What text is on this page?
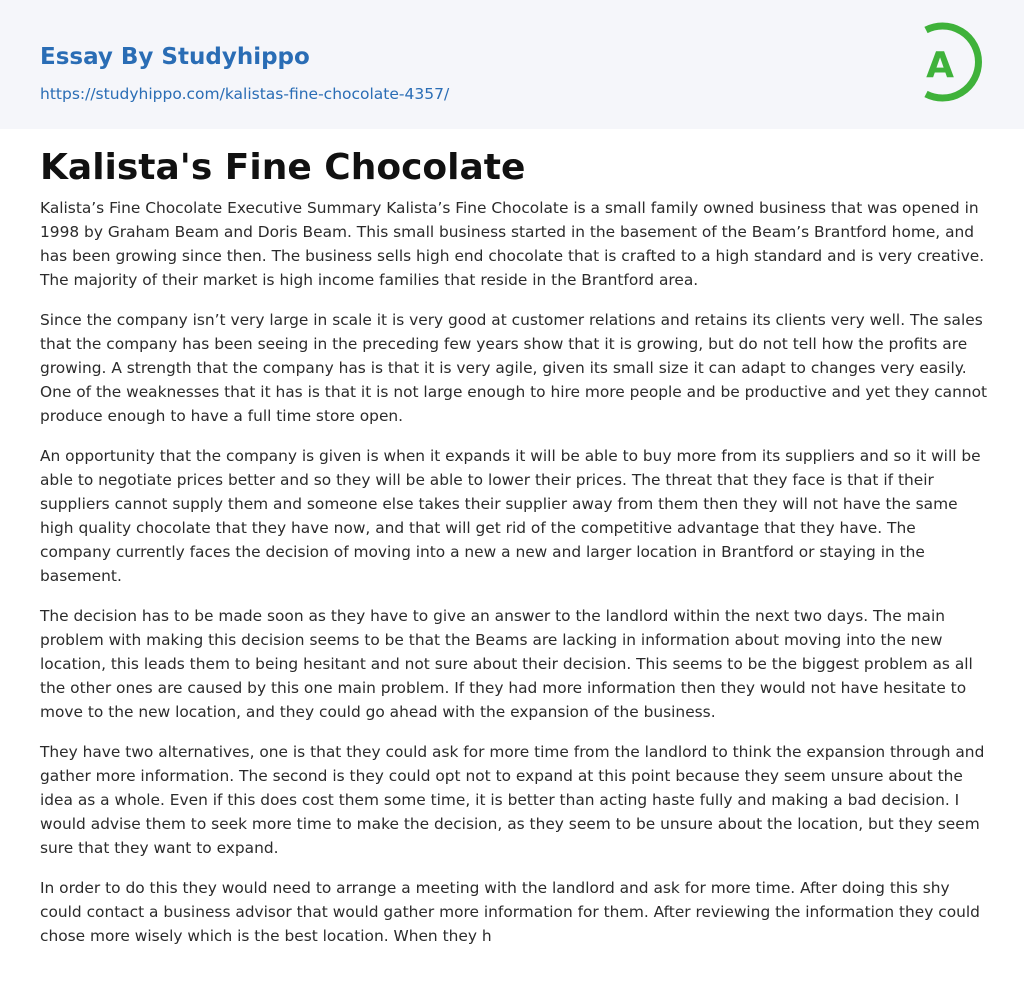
Essay By Studyhippo
https://studyhippo.com/kalistas-fine-chocolate-4357/
A
Kalista's Fine Chocolate

Kalista’s Fine Chocolate Executive Summary Kalista’s Fine Chocolate is a small family owned business that was opened in 1998 by Graham Beam and Doris Beam. This small business started in the basement of the Beam’s Brantford home, and has been growing since then. The business sells high end chocolate that is crafted to a high standard and is very creative. The majority of their market is high income families that reside in the Brantford area.

Since the company isn’t very large in scale it is very good at customer relations and retains its clients very well. The sales that the company has been seeing in the preceding few years show that it is growing, but do not tell how the profits are growing. A strength that the company has is that it is very agile, given its small size it can adapt to changes very easily. One of the weaknesses that it has is that it is not large enough to hire more people and be productive and yet they cannot produce enough to have a full time store open.

An opportunity that the company is given is when it expands it will be able to buy more from its suppliers and so it will be able to negotiate prices better and so they will be able to lower their prices. The threat that they face is that if their suppliers cannot supply them and someone else takes their supplier away from them then they will not have the same high quality chocolate that they have now, and that will get rid of the competitive advantage that they have. The company currently faces the decision of moving into a new a new and larger location in Brantford or staying in the basement.

The decision has to be made soon as they have to give an answer to the landlord within the next two days. The main problem with making this decision seems to be that the Beams are lacking in information about moving into the new location, this leads them to being hesitant and not sure about their decision. This seems to be the biggest problem as all the other ones are caused by this one main problem. If they had more information then they would not have hesitate to move to the new location, and they could go ahead with the expansion of the business.

They have two alternatives, one is that they could ask for more time from the landlord to think the expansion through and gather more information. The second is they could opt not to expand at this point because they seem unsure about the idea as a whole. Even if this does cost them some time, it is better than acting haste fully and making a bad decision. I would advise them to seek more time to make the decision, as they seem to be unsure about the location, but they seem sure that they want to expand.

In order to do this they would need to arrange a meeting with the landlord and ask for more time. After doing this shy could contact a business advisor that would gather more information for them. After reviewing the information they could chose more wisely which is the best location. When they h
